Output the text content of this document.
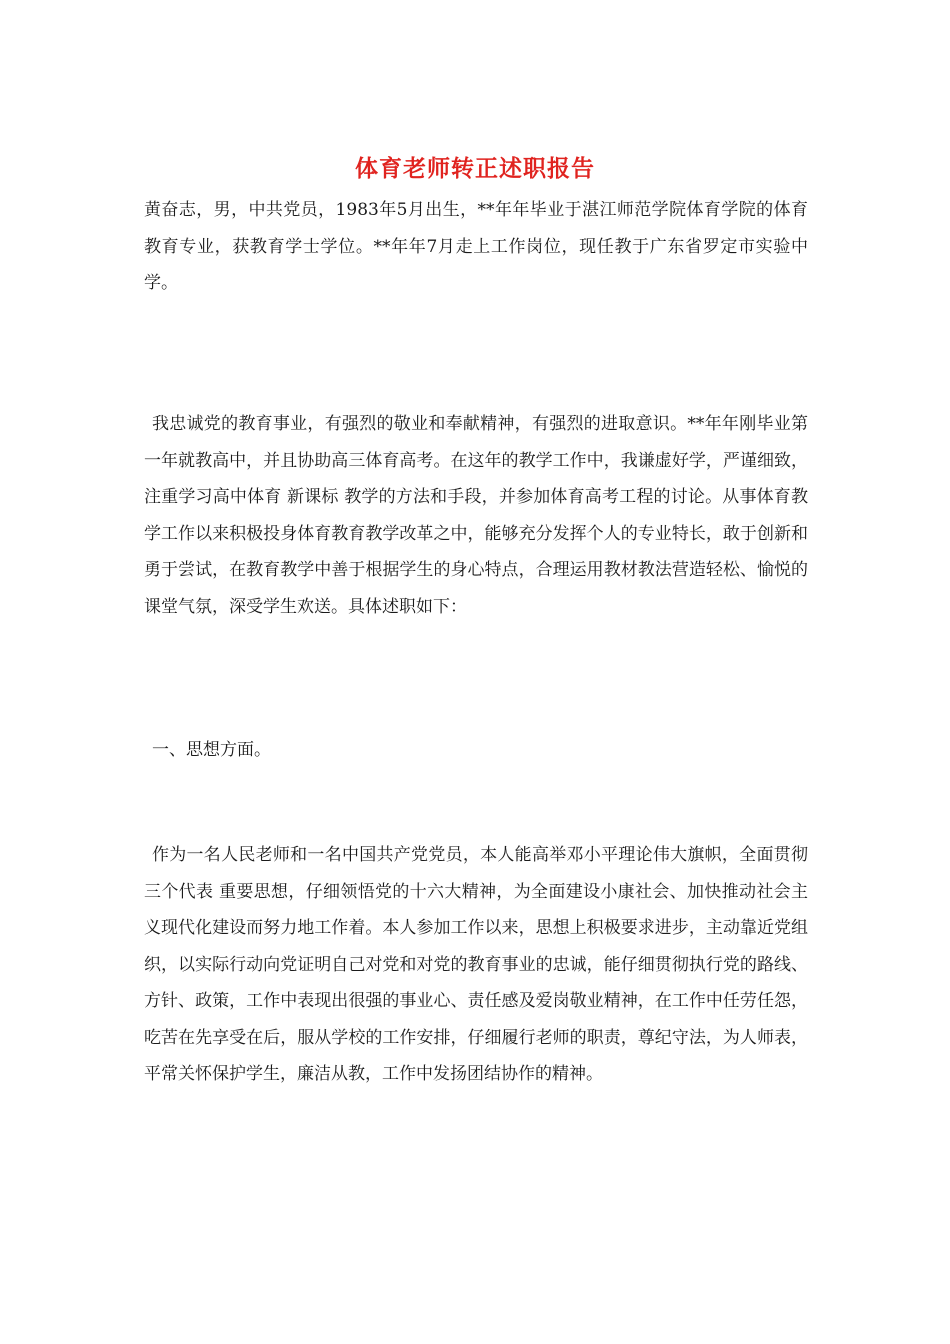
体育老师转正述职报告

黄奋志，男，中共党员，1983年5月出生，**年年毕业于湛江师范学院体育学院的体育教育专业，获教育学士学位。**年年7月走上工作岗位，现任教于广东省罗定市实验中学。

我忠诚党的教育事业，有强烈的敬业和奉献精神，有强烈的进取意识。**年年刚毕业第一年就教高中，并且协助高三体育高考。在这年的教学工作中，我谦虚好学，严谨细致，注重学习高中体育 新课标 教学的方法和手段，并参加体育高考工程的讨论。从事体育教学工作以来积极投身体育教育教学改革之中，能够充分发挥个人的专业特长，敢于创新和勇于尝试，在教育教学中善于根据学生的身心特点，合理运用教材教法营造轻松、愉悦的课堂气氛，深受学生欢送。具体述职如下：

一、思想方面。

作为一名人民老师和一名中国共产党党员，本人能高举邓小平理论伟大旗帜，全面贯彻 三个代表 重要思想，仔细领悟党的十六大精神，为全面建设小康社会、加快推动社会主义现代化建设而努力地工作着。本人参加工作以来，思想上积极要求进步，主动靠近党组织，以实际行动向党证明自己对党和对党的教育事业的忠诚，能仔细贯彻执行党的路线、方针、政策，工作中表现出很强的事业心、责任感及爱岗敬业精神，在工作中任劳任怨，吃苦在先享受在后，服从学校的工作安排，仔细履行老师的职责，尊纪守法，为人师表，平常关怀保护学生，廉洁从教，工作中发扬团结协作的精神。
